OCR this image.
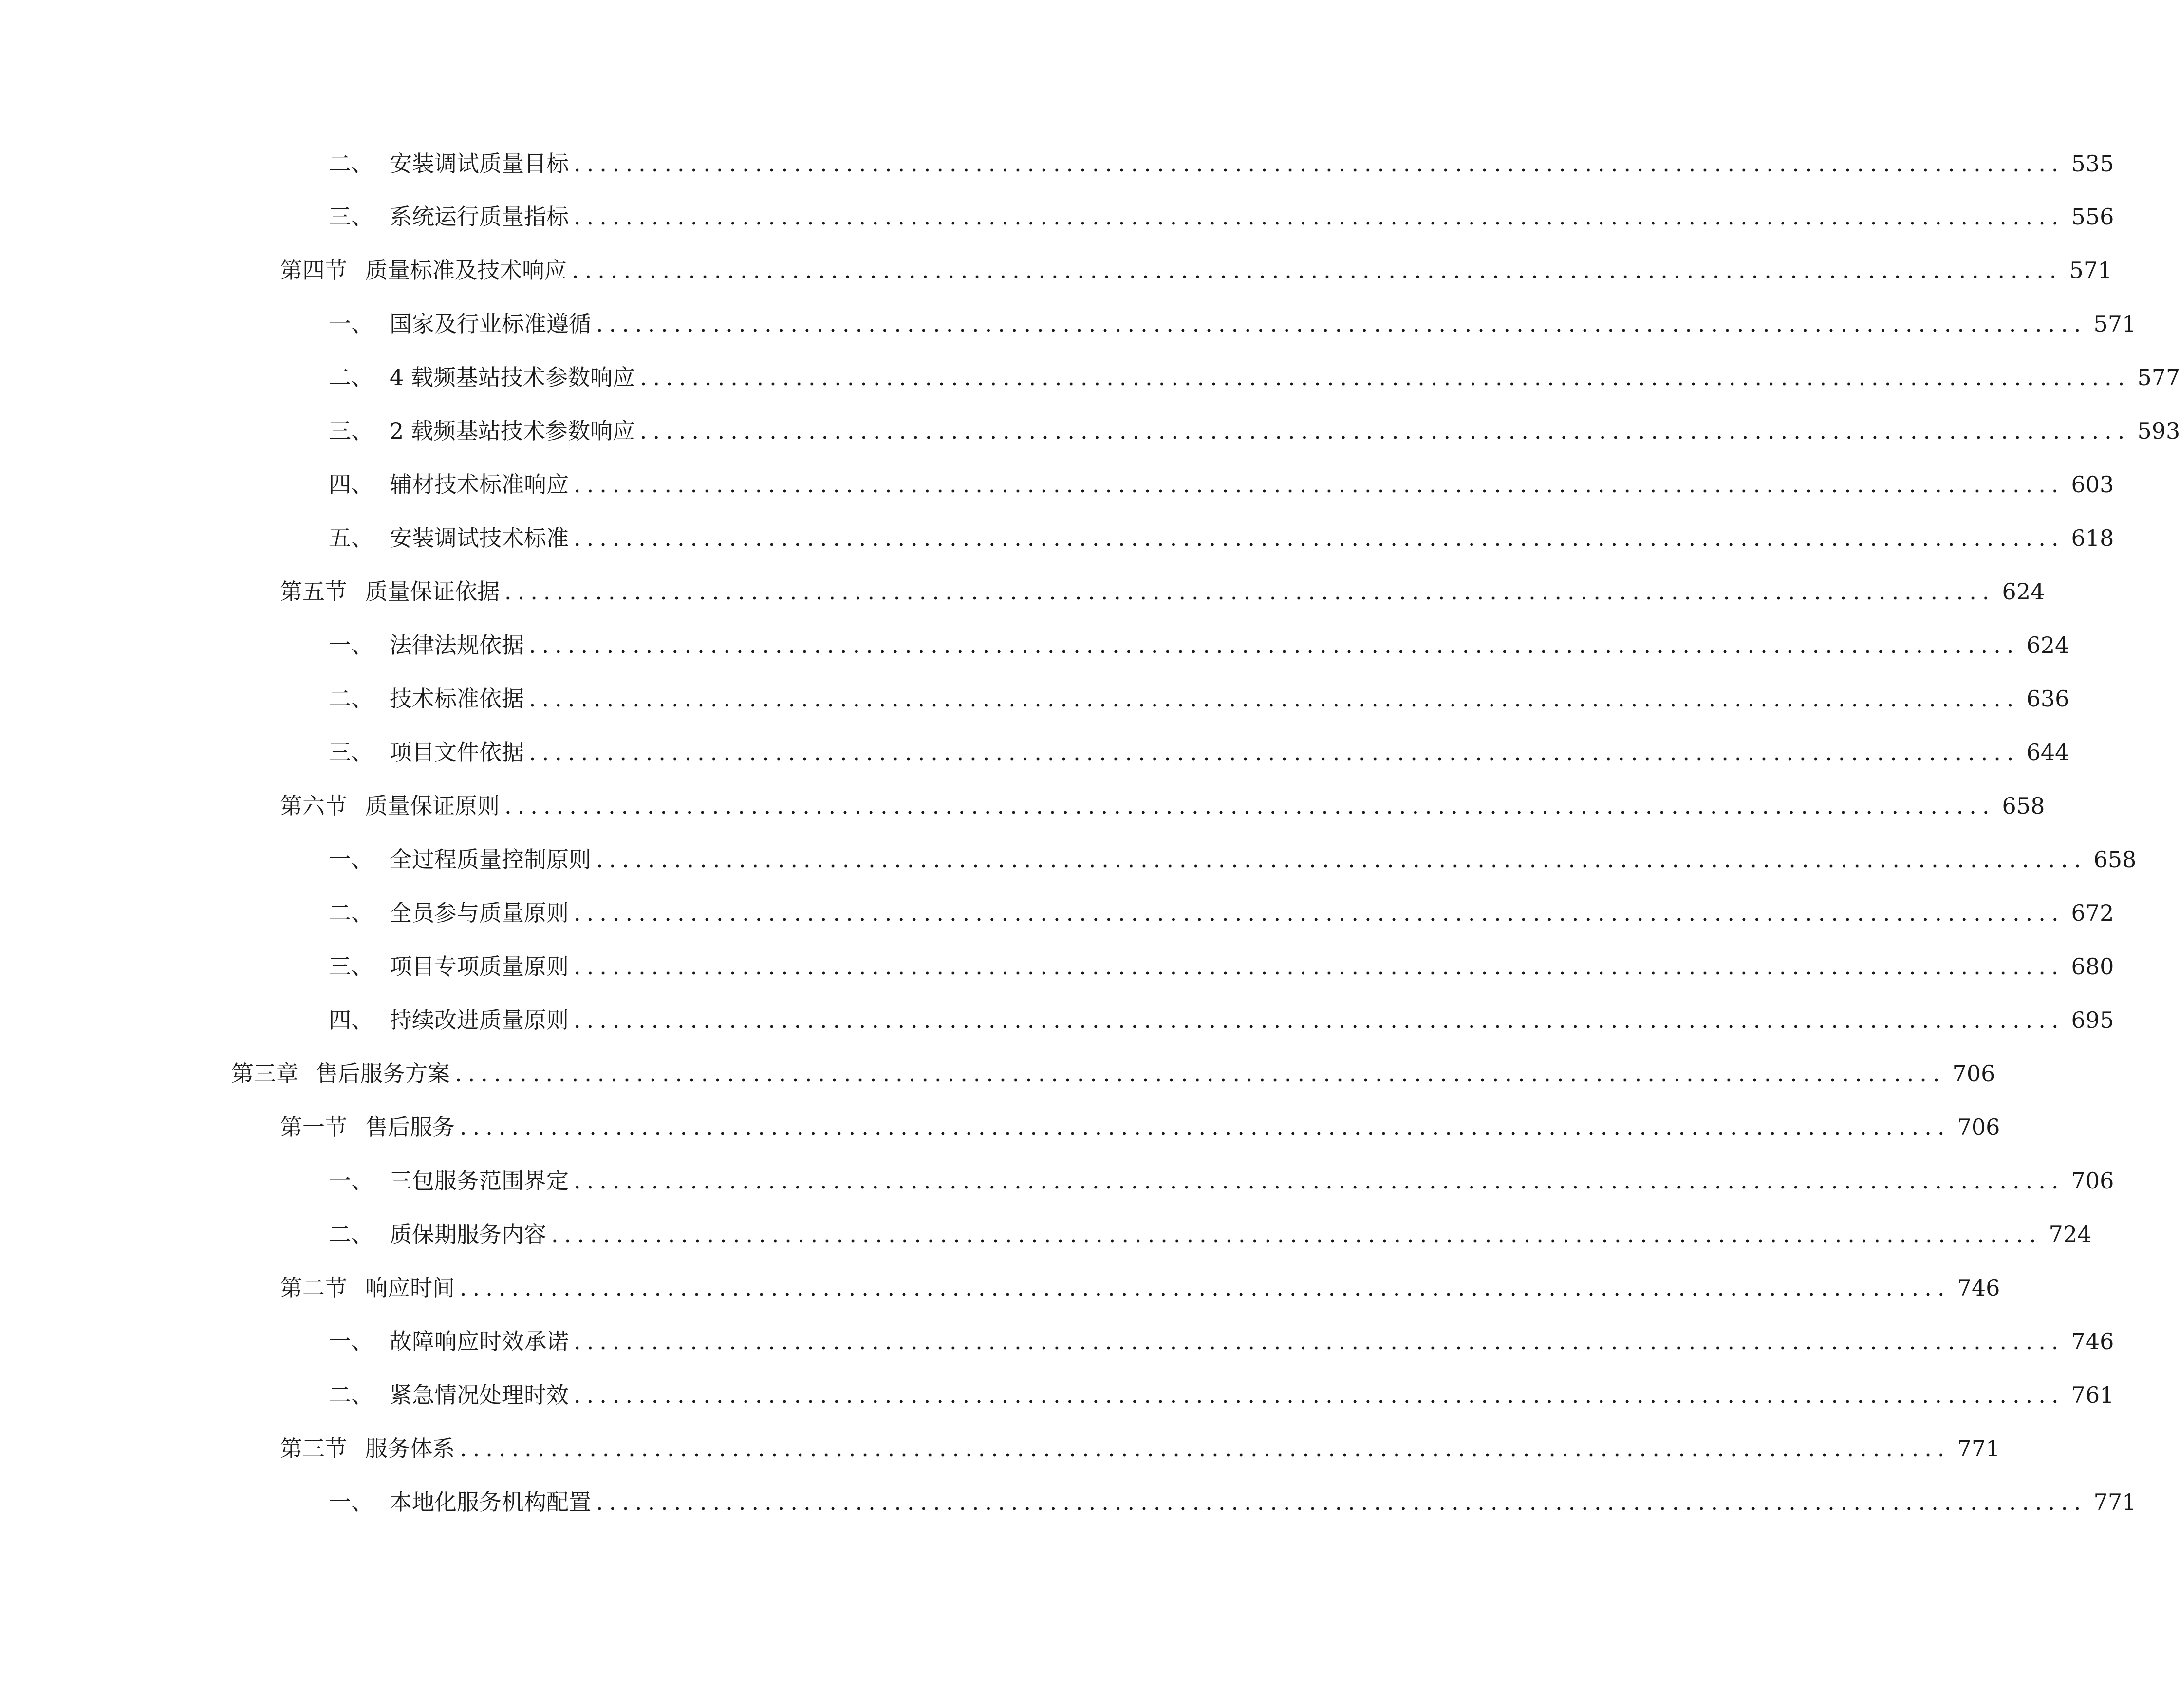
二、 安装调试质量目标 ................................................................................................................... 535
三、 系统运行质量指标 ................................................................................................................... 556
第四节 质量标准及技术响应 ................................................................................................................... 571
一、 国家及行业标准遵循 ................................................................................................................... 571
二、 4 载频基站技术参数响应 ................................................................................................................... 577
三、 2 载频基站技术参数响应 ................................................................................................................... 593
四、 辅材技术标准响应 ................................................................................................................... 603
五、 安装调试技术标准 ................................................................................................................... 618
第五节 质量保证依据 ................................................................................................................... 624
一、 法律法规依据 ................................................................................................................... 624
二、 技术标准依据 ................................................................................................................... 636
三、 项目文件依据 ................................................................................................................... 644
第六节 质量保证原则 ................................................................................................................... 658
一、 全过程质量控制原则 ................................................................................................................... 658
二、 全员参与质量原则 ................................................................................................................... 672
三、 项目专项质量原则 ................................................................................................................... 680
四、 持续改进质量原则 ................................................................................................................... 695
第三章 售后服务方案 ................................................................................................................... 706
第一节 售后服务 ................................................................................................................... 706
一、 三包服务范围界定 ................................................................................................................... 706
二、 质保期服务内容 ................................................................................................................... 724
第二节 响应时间 ................................................................................................................... 746
一、 故障响应时效承诺 ................................................................................................................... 746
二、 紧急情况处理时效 ................................................................................................................... 761
第三节 服务体系 ................................................................................................................... 771
一、 本地化服务机构配置 ................................................................................................................... 771
